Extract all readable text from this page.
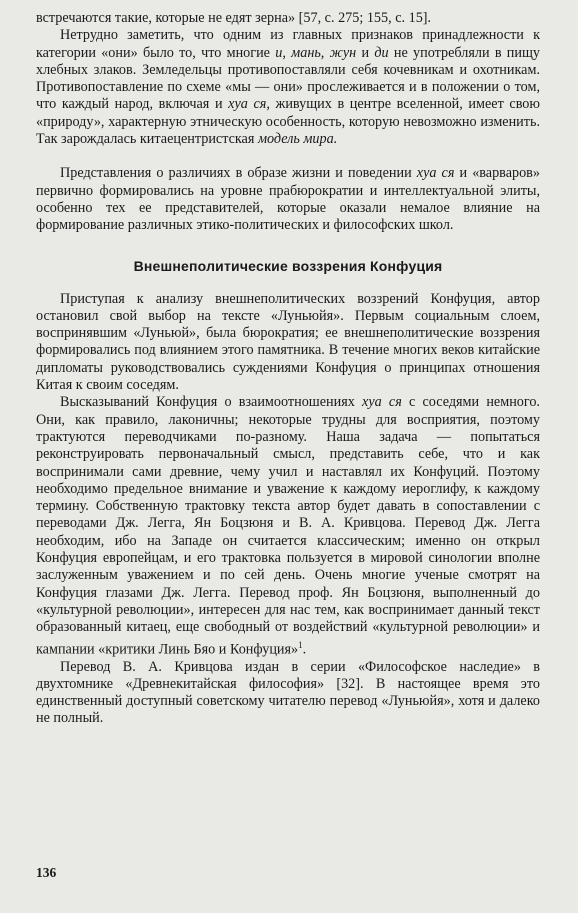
встречаются такие, которые не едят зерна» [57, с. 275; 155, с. 15].

Нетрудно заметить, что одним из главных признаков принадлежности к категории «они» было то, что многие и, мань, жун и ди не употребляли в пищу хлебных злаков. Земледельцы противопоставляли себя кочевникам и охотникам. Противопоставление по схеме «мы — они» прослеживается и в положении о том, что каждый народ, включая и хуа ся, живущих в центре вселенной, имеет свою «природу», характерную этническую особенность, которую невозможно изменить. Так зарождалась китаецентристская модель мира.

Представления о различиях в образе жизни и поведении хуа ся и «варваров» первично формировались на уровне прабюрократии и интеллектуальной элиты, особенно тех ее представителей, которые оказали немалое влияние на формирование различных этико-политических и философских школ.

Внешнеполитические воззрения Конфуция

Приступая к анализу внешнеполитических воззрений Конфуция, автор остановил свой выбор на тексте «Луньюйя». Первым социальным слоем, воспринявшим «Луньюй», была бюрократия; ее внешнеполитические воззрения формировались под влиянием этого памятника. В течение многих веков китайские дипломаты руководствовались суждениями Конфуция о принципах отношения Китая к своим соседям.

Высказываний Конфуция о взаимоотношениях хуа ся с соседями немного. Они, как правило, лаконичны; некоторые трудны для восприятия, поэтому трактуются переводчиками по-разному. Наша задача — попытаться реконструировать первоначальный смысл, представить себе, что и как воспринимали сами древние, чему учил и наставлял их Конфуций. Поэтому необходимо предельное внимание и уважение к каждому иероглифу, к каждому термину. Собственную трактовку текста автор будет давать в сопоставлении с переводами Дж. Легга, Ян Боцзюня и В. А. Кривцова. Перевод Дж. Легга необходим, ибо на Западе он считается классическим; именно он открыл Конфуция европейцам, и его трактовка пользуется в мировой синологии вполне заслуженным уважением и по сей день. Очень многие ученые смотрят на Конфуция глазами Дж. Легга. Перевод проф. Ян Боцзюня, выполненный до «культурной революции», интересен для нас тем, как воспринимает данный текст образованный китаец, еще свободный от воздействий «культурной революции» и кампании «критики Линь Бяо и Конфуция»$^1$.

Перевод В. А. Кривцова издан в серии «Философское наследие» в двухтомнике «Древнекитайская философия» [32]. В настоящее время это единственный доступный советскому читателю перевод «Луньюйя», хотя и далеко не полный.

136
